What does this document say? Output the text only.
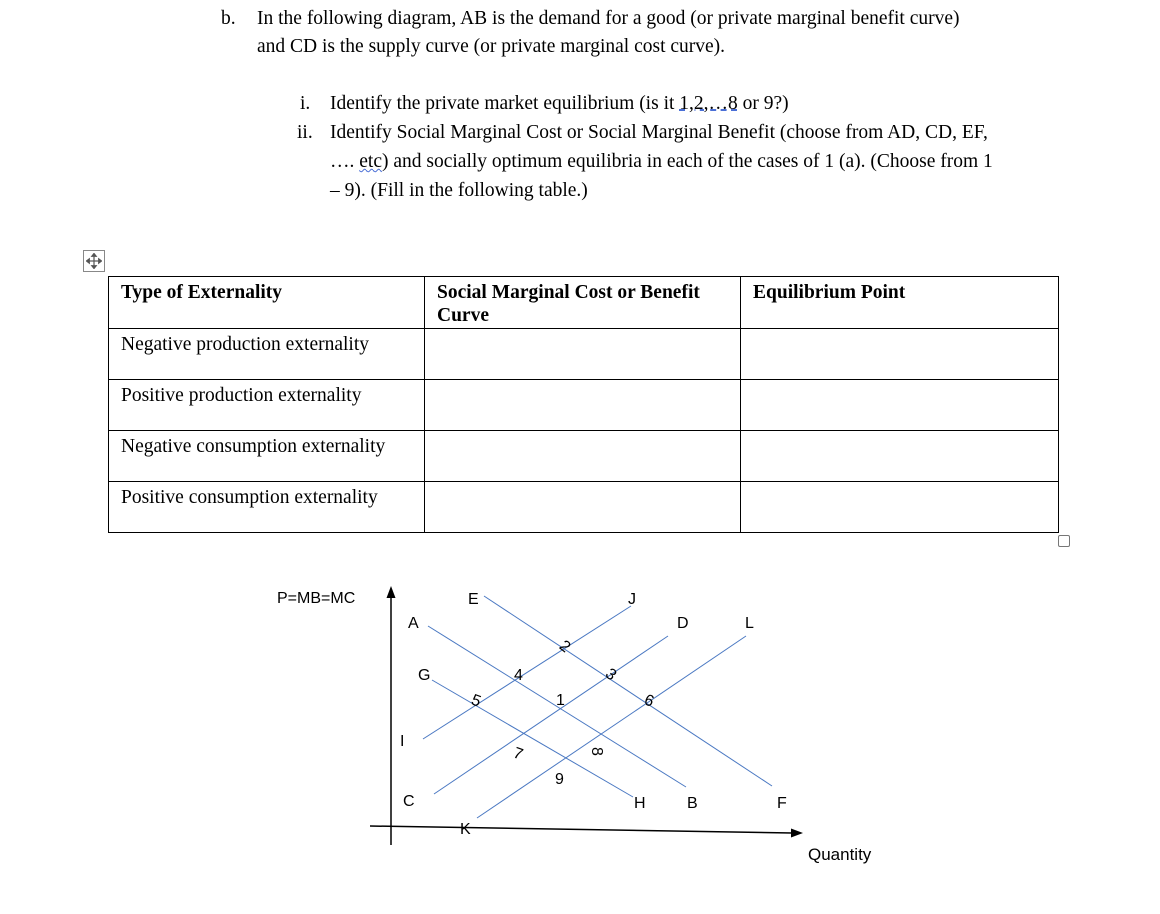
b. In the following diagram, AB is the demand for a good (or private marginal benefit curve)
and CD is the supply curve (or private marginal cost curve).
i. Identify the private market equilibrium (is it 1,2,…8 or 9?)
ii. Identify Social Marginal Cost or Social Marginal Benefit (choose from AD, CD, EF,
…. etc) and socially optimum equilibria in each of the cases of 1 (a). (Choose from 1
– 9). (Fill in the following table.)
Type of Externality	Social Marginal Cost or Benefit Curve	Equilibrium Point
Negative production externality		
Positive production externality		
Negative consumption externality		
Positive consumption externality		
P=MB=MC
Quantity
A
G
I
C
E	J
D	L
H	B	F
K
1
2
3
4
5	6
7	8
9
